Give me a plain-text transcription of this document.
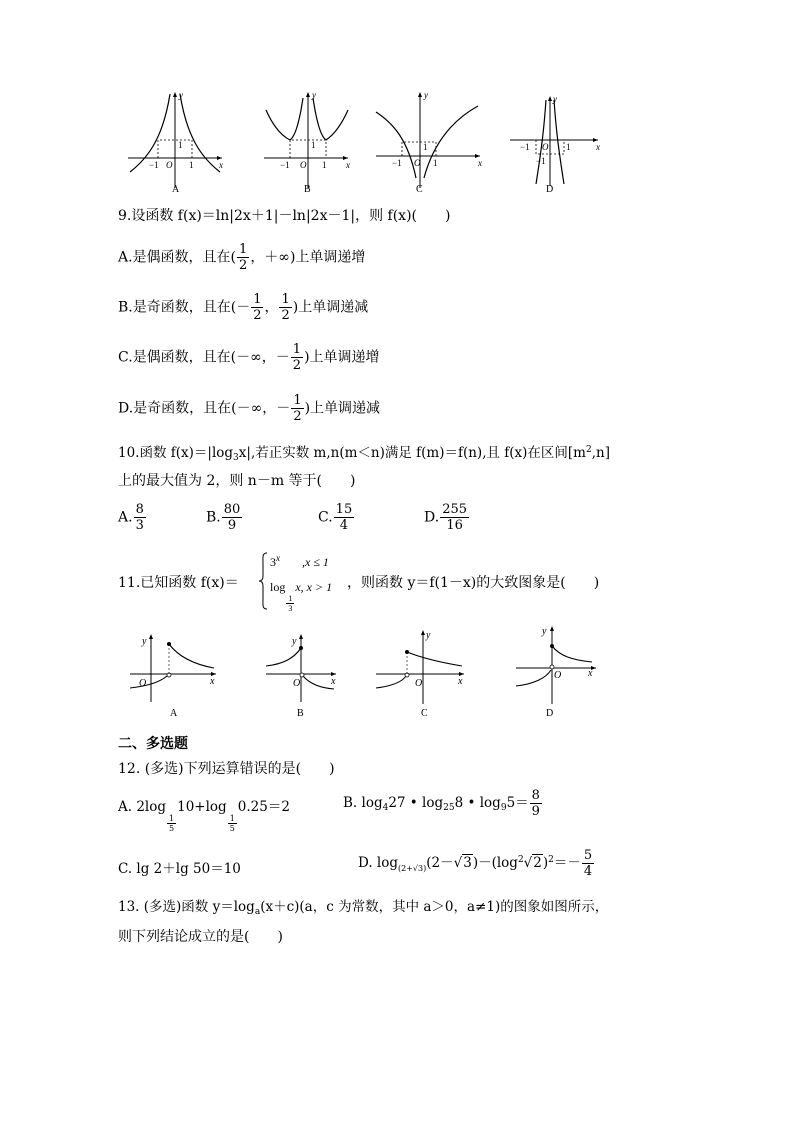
y
x
−1 O 1
1
A
y
x
−1 O 1
1
B
y
x
−1 O 1
1
C
y
x
−1 O 1
−1
D
9.设函数 f(x)＝ln|2x＋1|－ln|2x－1|，则 f(x)(　　)
A.是偶函数，且在( $\frac{1}{2}$ ，＋∞)上单调递增
B.是奇函数，且在(－ $\frac{1}{2}$ ， $\frac{1}{2}$ )上单调递减
C.是偶函数，且在(－∞，－ $\frac{1}{2}$ )上单调递增
D.是奇函数，且在(－∞，－ $\frac{1}{2}$ )上单调递减
10.函数 $f(x)=|\log_3x|$,若正实数 m,n(m＜n)满足 f(m)＝f(n),且 f(x)在区间$[m^2,n]$
上的最大值为 2，则 n－m 等于(　　)
A. $\frac{8}{3}$	B. $\frac{80}{9}$	C. $\frac{15}{4}$	D. $\frac{255}{16}$
11.已知函数 f(x)＝
$3^x$ ,x ≤ 1
log
$\frac{1}{3}$
x, x > 1 ，则函数 y＝f(1－x)的大致图象是(　　)
y
x
O
A
y
x
O
B
y
x
O
C
y
x
O
D
二、多选题
12. (多选)下列运算错误的是(　　)
A. 2log
$\frac{1}{5}$
10+log
$\frac{1}{5}$
0.25＝2	B. $\log_427$ • $\log_{25}8$ • $\log_95= \frac{8}{9}$
C. lg 2＋lg 50＝10	D. $\log_{(2+√3)}(2-√3)-(\log^2√2)^2=- \frac{5}{4}$
13. (多选)函数 $y=\log_a(x+c)(a$，c 为常数，其中 a＞0，a≠1)的图象如图所示，
则下列结论成立的是(　　)
